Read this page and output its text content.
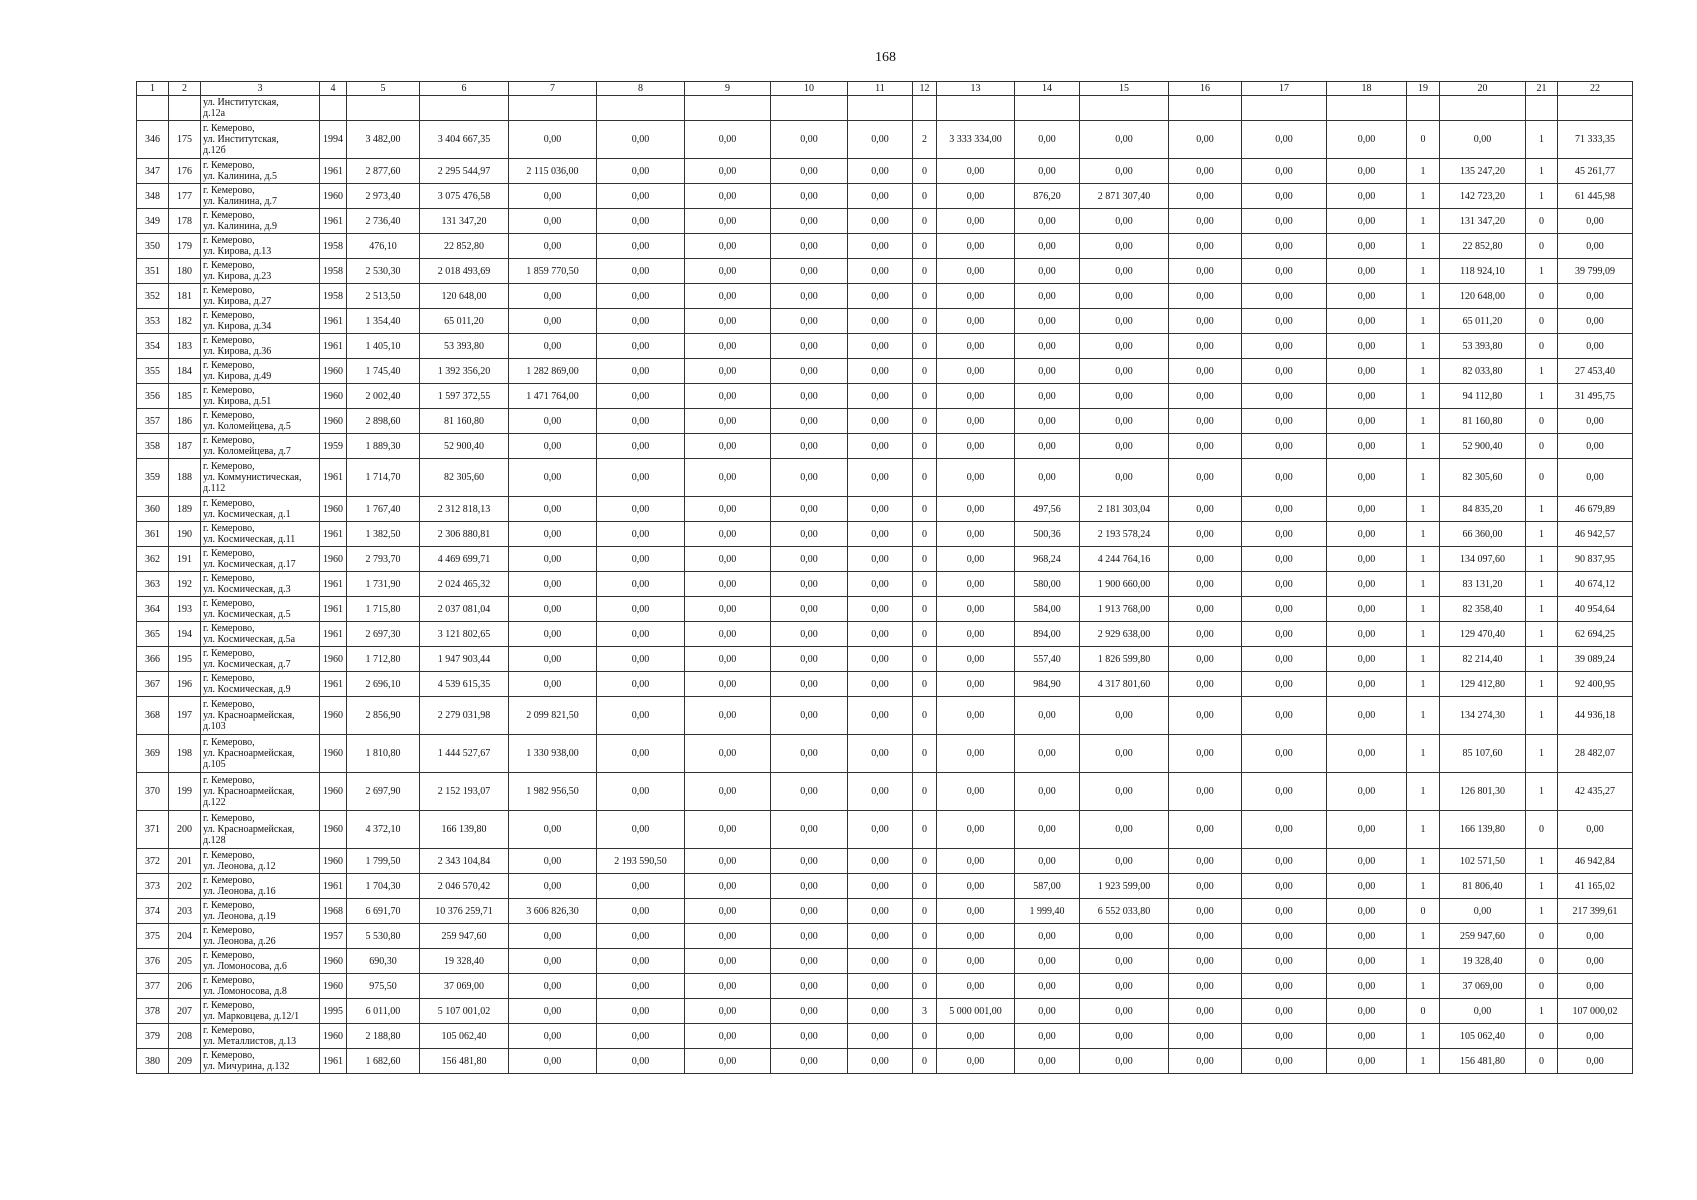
168
1	2	3	4	5	6	7	8	9	10	11	12	13	14	15	16	17	18	19	20	21	22

		ул. Институтская,
д.12а																			

346	175	г. Кемерово,
ул. Институтская,
д.12б	1994	3 482,00	3 404 667,35	0,00	0,00	0,00	0,00	0,00	2	3 333 334,00	0,00	0,00	0,00	0,00	0,00	0	0,00	1	71 333,35
347	176	г. Кемерово,
ул. Калинина, д.5	1961	2 877,60	2 295 544,97	2 115 036,00	0,00	0,00	0,00	0,00	0	0,00	0,00	0,00	0,00	0,00	0,00	1	135 247,20	1	45 261,77
348	177	г. Кемерово,
ул. Калинина, д.7	1960	2 973,40	3 075 476,58	0,00	0,00	0,00	0,00	0,00	0	0,00	876,20	2 871 307,40	0,00	0,00	0,00	1	142 723,20	1	61 445,98
349	178	г. Кемерово,
ул. Калинина, д.9	1961	2 736,40	131 347,20	0,00	0,00	0,00	0,00	0,00	0	0,00	0,00	0,00	0,00	0,00	0,00	1	131 347,20	0	0,00
350	179	г. Кемерово,
ул. Кирова, д.13	1958	476,10	22 852,80	0,00	0,00	0,00	0,00	0,00	0	0,00	0,00	0,00	0,00	0,00	0,00	1	22 852,80	0	0,00
351	180	г. Кемерово,
ул. Кирова, д.23	1958	2 530,30	2 018 493,69	1 859 770,50	0,00	0,00	0,00	0,00	0	0,00	0,00	0,00	0,00	0,00	0,00	1	118 924,10	1	39 799,09
352	181	г. Кемерово,
ул. Кирова, д.27	1958	2 513,50	120 648,00	0,00	0,00	0,00	0,00	0,00	0	0,00	0,00	0,00	0,00	0,00	0,00	1	120 648,00	0	0,00
353	182	г. Кемерово,
ул. Кирова, д.34	1961	1 354,40	65 011,20	0,00	0,00	0,00	0,00	0,00	0	0,00	0,00	0,00	0,00	0,00	0,00	1	65 011,20	0	0,00
354	183	г. Кемерово,
ул. Кирова, д.36	1961	1 405,10	53 393,80	0,00	0,00	0,00	0,00	0,00	0	0,00	0,00	0,00	0,00	0,00	0,00	1	53 393,80	0	0,00
355	184	г. Кемерово,
ул. Кирова, д.49	1960	1 745,40	1 392 356,20	1 282 869,00	0,00	0,00	0,00	0,00	0	0,00	0,00	0,00	0,00	0,00	0,00	1	82 033,80	1	27 453,40
356	185	г. Кемерово,
ул. Кирова, д.51	1960	2 002,40	1 597 372,55	1 471 764,00	0,00	0,00	0,00	0,00	0	0,00	0,00	0,00	0,00	0,00	0,00	1	94 112,80	1	31 495,75
357	186	г. Кемерово,
ул. Коломейцева, д.5	1960	2 898,60	81 160,80	0,00	0,00	0,00	0,00	0,00	0	0,00	0,00	0,00	0,00	0,00	0,00	1	81 160,80	0	0,00
358	187	г. Кемерово,
ул. Коломейцева, д.7	1959	1 889,30	52 900,40	0,00	0,00	0,00	0,00	0,00	0	0,00	0,00	0,00	0,00	0,00	0,00	1	52 900,40	0	0,00
359	188	г. Кемерово,
ул. Коммунистическая,
д.112	1961	1 714,70	82 305,60	0,00	0,00	0,00	0,00	0,00	0	0,00	0,00	0,00	0,00	0,00	0,00	1	82 305,60	0	0,00
360	189	г. Кемерово,
ул. Космическая, д.1	1960	1 767,40	2 312 818,13	0,00	0,00	0,00	0,00	0,00	0	0,00	497,56	2 181 303,04	0,00	0,00	0,00	1	84 835,20	1	46 679,89
361	190	г. Кемерово,
ул. Космическая, д.11	1961	1 382,50	2 306 880,81	0,00	0,00	0,00	0,00	0,00	0	0,00	500,36	2 193 578,24	0,00	0,00	0,00	1	66 360,00	1	46 942,57
362	191	г. Кемерово,
ул. Космическая, д.17	1960	2 793,70	4 469 699,71	0,00	0,00	0,00	0,00	0,00	0	0,00	968,24	4 244 764,16	0,00	0,00	0,00	1	134 097,60	1	90 837,95
363	192	г. Кемерово,
ул. Космическая, д.3	1961	1 731,90	2 024 465,32	0,00	0,00	0,00	0,00	0,00	0	0,00	580,00	1 900 660,00	0,00	0,00	0,00	1	83 131,20	1	40 674,12
364	193	г. Кемерово,
ул. Космическая, д.5	1961	1 715,80	2 037 081,04	0,00	0,00	0,00	0,00	0,00	0	0,00	584,00	1 913 768,00	0,00	0,00	0,00	1	82 358,40	1	40 954,64
365	194	г. Кемерово,
ул. Космическая, д.5а	1961	2 697,30	3 121 802,65	0,00	0,00	0,00	0,00	0,00	0	0,00	894,00	2 929 638,00	0,00	0,00	0,00	1	129 470,40	1	62 694,25
366	195	г. Кемерово,
ул. Космическая, д.7	1960	1 712,80	1 947 903,44	0,00	0,00	0,00	0,00	0,00	0	0,00	557,40	1 826 599,80	0,00	0,00	0,00	1	82 214,40	1	39 089,24
367	196	г. Кемерово,
ул. Космическая, д.9	1961	2 696,10	4 539 615,35	0,00	0,00	0,00	0,00	0,00	0	0,00	984,90	4 317 801,60	0,00	0,00	0,00	1	129 412,80	1	92 400,95
368	197	г. Кемерово,
ул. Красноармейская,
д.103	1960	2 856,90	2 279 031,98	2 099 821,50	0,00	0,00	0,00	0,00	0	0,00	0,00	0,00	0,00	0,00	0,00	1	134 274,30	1	44 936,18
369	198	г. Кемерово,
ул. Красноармейская,
д.105	1960	1 810,80	1 444 527,67	1 330 938,00	0,00	0,00	0,00	0,00	0	0,00	0,00	0,00	0,00	0,00	0,00	1	85 107,60	1	28 482,07
370	199	г. Кемерово,
ул. Красноармейская,
д.122	1960	2 697,90	2 152 193,07	1 982 956,50	0,00	0,00	0,00	0,00	0	0,00	0,00	0,00	0,00	0,00	0,00	1	126 801,30	1	42 435,27
371	200	г. Кемерово,
ул. Красноармейская,
д.128	1960	4 372,10	166 139,80	0,00	0,00	0,00	0,00	0,00	0	0,00	0,00	0,00	0,00	0,00	0,00	1	166 139,80	0	0,00
372	201	г. Кемерово,
ул. Леонова, д.12	1960	1 799,50	2 343 104,84	0,00	2 193 590,50	0,00	0,00	0,00	0	0,00	0,00	0,00	0,00	0,00	0,00	1	102 571,50	1	46 942,84
373	202	г. Кемерово,
ул. Леонова, д.16	1961	1 704,30	2 046 570,42	0,00	0,00	0,00	0,00	0,00	0	0,00	587,00	1 923 599,00	0,00	0,00	0,00	1	81 806,40	1	41 165,02
374	203	г. Кемерово,
ул. Леонова, д.19	1968	6 691,70	10 376 259,71	3 606 826,30	0,00	0,00	0,00	0,00	0	0,00	1 999,40	6 552 033,80	0,00	0,00	0,00	0	0,00	1	217 399,61
375	204	г. Кемерово,
ул. Леонова, д.26	1957	5 530,80	259 947,60	0,00	0,00	0,00	0,00	0,00	0	0,00	0,00	0,00	0,00	0,00	0,00	1	259 947,60	0	0,00
376	205	г. Кемерово,
ул. Ломоносова, д.6	1960	690,30	19 328,40	0,00	0,00	0,00	0,00	0,00	0	0,00	0,00	0,00	0,00	0,00	0,00	1	19 328,40	0	0,00
377	206	г. Кемерово,
ул. Ломоносова, д.8	1960	975,50	37 069,00	0,00	0,00	0,00	0,00	0,00	0	0,00	0,00	0,00	0,00	0,00	0,00	1	37 069,00	0	0,00
378	207	г. Кемерово,
ул. Марковцева, д.12/1	1995	6 011,00	5 107 001,02	0,00	0,00	0,00	0,00	0,00	3	5 000 001,00	0,00	0,00	0,00	0,00	0,00	0	0,00	1	107 000,02
379	208	г. Кемерово,
ул. Металлистов, д.13	1960	2 188,80	105 062,40	0,00	0,00	0,00	0,00	0,00	0	0,00	0,00	0,00	0,00	0,00	0,00	1	105 062,40	0	0,00
380	209	г. Кемерово,
ул. Мичурина, д.132	1961	1 682,60	156 481,80	0,00	0,00	0,00	0,00	0,00	0	0,00	0,00	0,00	0,00	0,00	0,00	1	156 481,80	0	0,00
